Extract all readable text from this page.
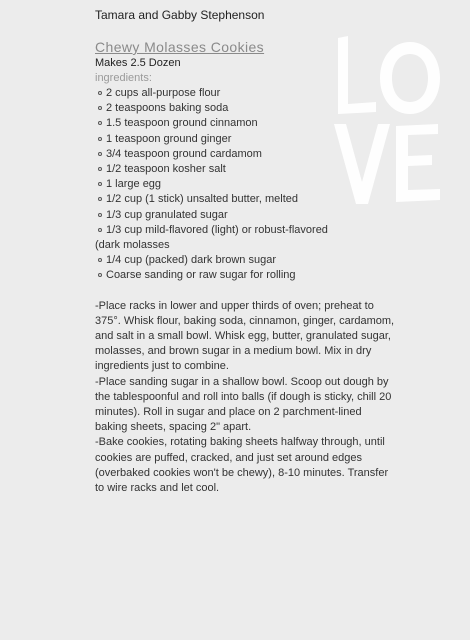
Tamara and Gabby Stephenson
Chewy Molasses Cookies
Makes 2.5 Dozen
ingredients:
2 cups all-purpose flour
2 teaspoons baking soda
1.5 teaspoon ground cinnamon
1 teaspoon ground ginger
3/4 teaspoon ground cardamom
1/2 teaspoon kosher salt
1 large egg
1/2 cup (1 stick) unsalted butter, melted
1/3 cup granulated sugar
1/3 cup mild-flavored (light) or robust-flavored
(dark molasses
1/4 cup (packed) dark brown sugar
Coarse sanding or raw sugar for rolling

-Place racks in lower and upper thirds of oven; preheat to 375°. Whisk flour, baking soda, cinnamon, ginger, cardamom, and salt in a small bowl. Whisk egg, butter, granulated sugar, molasses, and brown sugar in a medium bowl. Mix in dry ingredients just to combine.

-Place sanding sugar in a shallow bowl. Scoop out dough by the tablespoonful and roll into balls (if dough is sticky, chill 20 minutes). Roll in sugar and place on 2 parchment-lined baking sheets, spacing 2" apart.

-Bake cookies, rotating baking sheets halfway through, until cookies are puffed, cracked, and just set around edges (overbaked cookies won't be chewy), 8-10 minutes. Transfer to wire racks and let cool.
